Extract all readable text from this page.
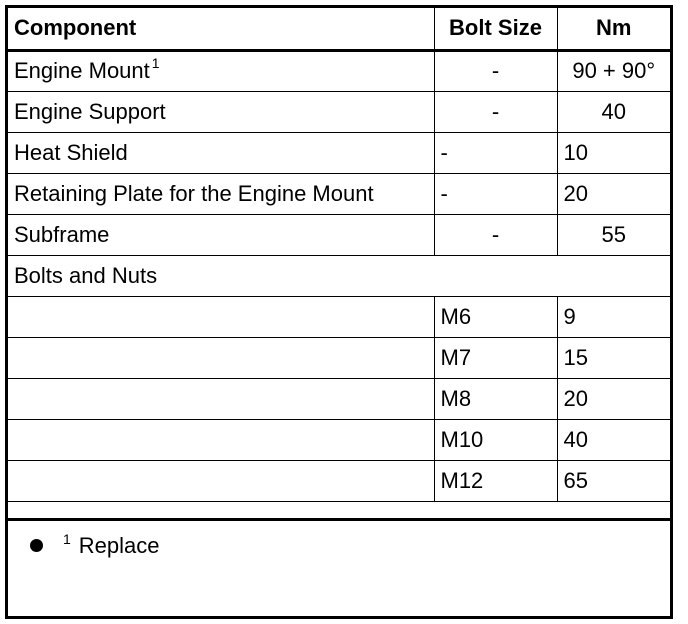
Component	Bolt Size	Nm
Engine Mount $^1$	-	90 + 90°
Engine Support	-	40
Heat Shield	-	10
Retaining Plate for the Engine Mount	-	20
Subframe	-	55
Bolts and Nuts		
	M6	9
	M7	15
	M8	20
	M10	40
	M12	65
$^1$ Replace
